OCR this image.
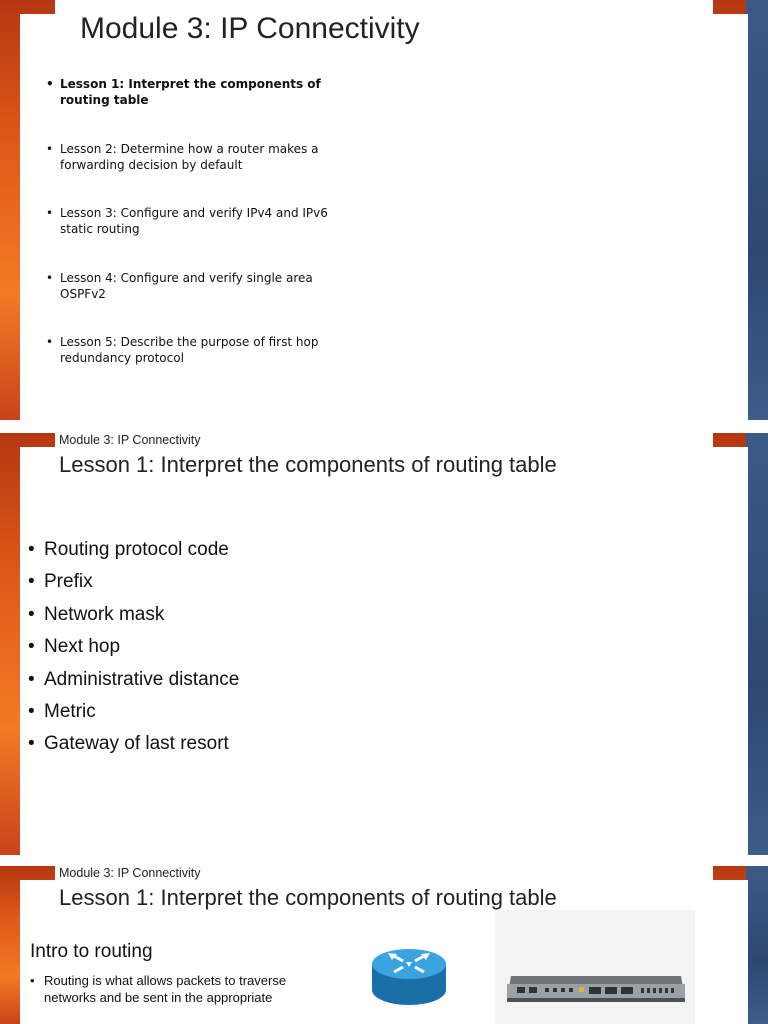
Module 3: IP Connectivity
• Lesson 1: Interpret the components of routing table
• Lesson 2: Determine how a router makes a forwarding decision by default
• Lesson 3: Configure and verify IPv4 and IPv6 static routing
• Lesson 4: Configure and verify single area OSPFv2
• Lesson 5: Describe the purpose of first hop redundancy protocol
Module 3: IP Connectivity
Lesson 1: Interpret the components of routing table
• Routing protocol code
• Prefix
• Network mask
• Next hop
• Administrative distance
• Metric
• Gateway of last resort
Module 3: IP Connectivity
Lesson 1: Interpret the components of routing table
Intro to routing
• Routing is what allows packets to traverse networks and be sent in the appropriate
